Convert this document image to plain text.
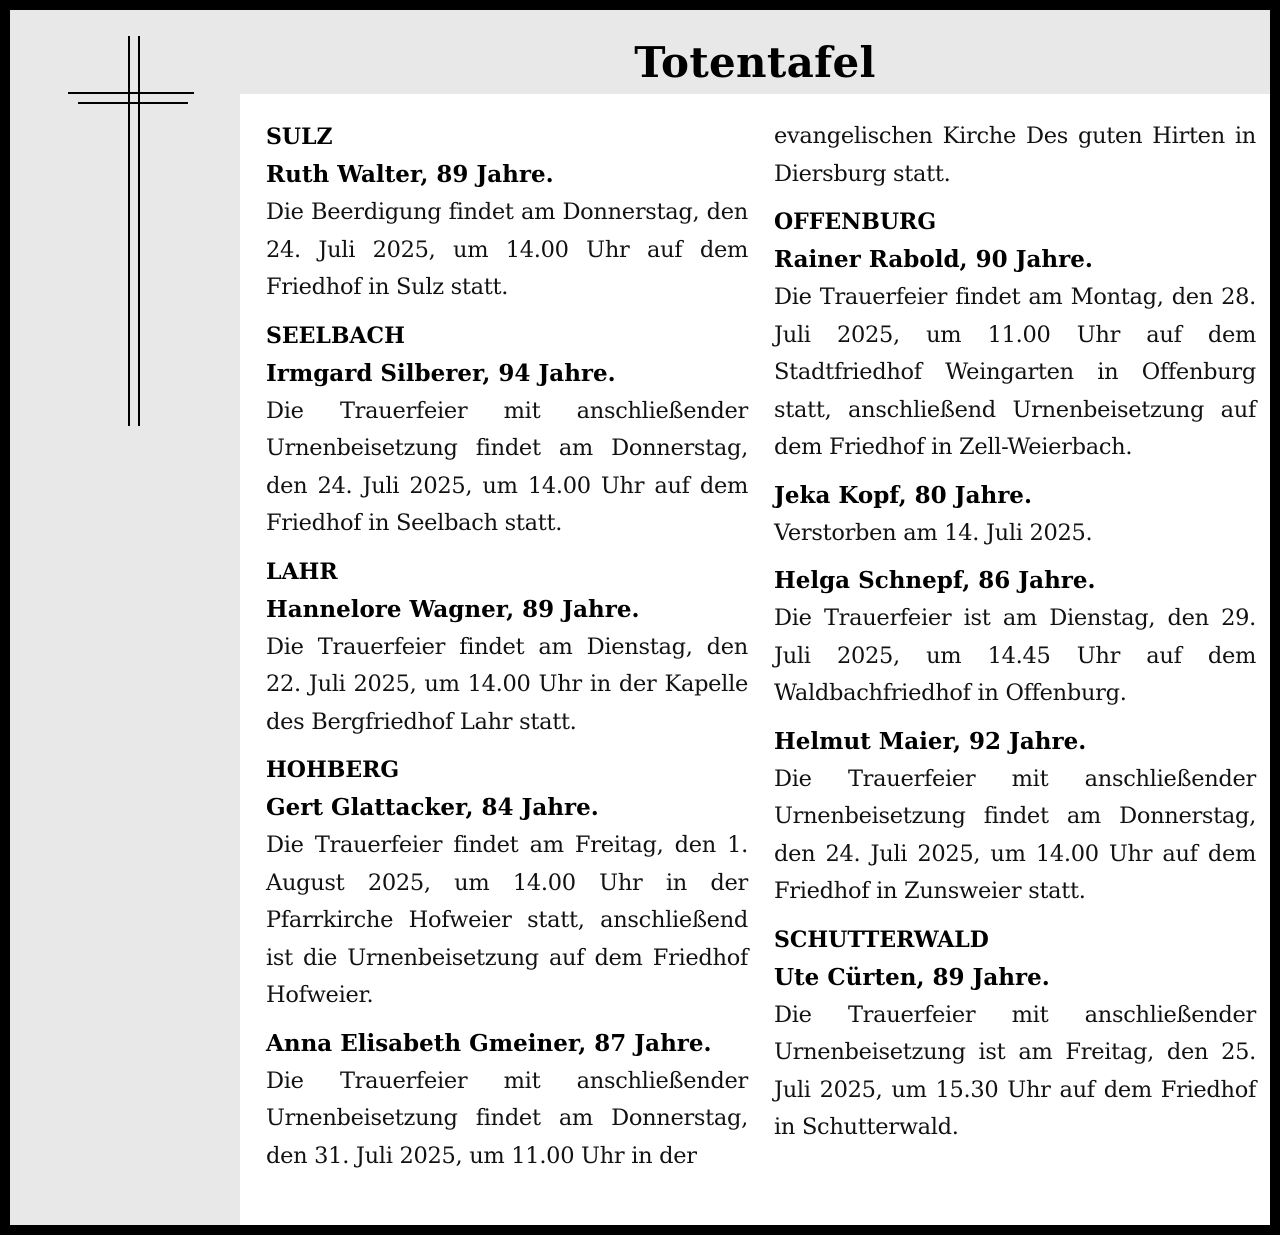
Totentafel

SULZ

Ruth Walter, 89 Jahre.

Die Beerdigung findet am Donnerstag, den 24. Juli 2025, um 14.00 Uhr auf dem Friedhof in Sulz statt.

SEELBACH

Irmgard Silberer, 94 Jahre.

Die Trauerfeier mit anschließender Urnenbeisetzung findet am Donnerstag, den 24. Juli 2025, um 14.00 Uhr auf dem Friedhof in Seelbach statt.

LAHR

Hannelore Wagner, 89 Jahre.

Die Trauerfeier findet am Dienstag, den 22. Juli 2025, um 14.00 Uhr in der Kapelle des Bergfriedhof Lahr statt.

HOHBERG

Gert Glattacker, 84 Jahre.

Die Trauerfeier findet am Freitag, den 1. August 2025, um 14.00 Uhr in der Pfarrkirche Hofweier statt, anschließend ist die Urnenbeisetzung auf dem Friedhof Hofweier.

Anna Elisabeth Gmeiner, 87 Jahre.

Die Trauerfeier mit anschließender Urnenbeisetzung findet am Donnerstag, den 31. Juli 2025, um 11.00 Uhr in der

evangelischen Kirche Des guten Hirten in Diersburg statt.

OFFENBURG

Rainer Rabold, 90 Jahre.

Die Trauerfeier findet am Montag, den 28. Juli 2025, um 11.00 Uhr auf dem Stadtfriedhof Weingarten in Offenburg statt, anschließend Urnenbeisetzung auf dem Friedhof in Zell-Weierbach.

Jeka Kopf, 80 Jahre.

Verstorben am 14. Juli 2025.

Helga Schnepf, 86 Jahre.

Die Trauerfeier ist am Dienstag, den 29. Juli 2025, um 14.45 Uhr auf dem Waldbachfriedhof in Offenburg.

Helmut Maier, 92 Jahre.

Die Trauerfeier mit anschließender Urnenbeisetzung findet am Donnerstag, den 24. Juli 2025, um 14.00 Uhr auf dem Friedhof in Zunsweier statt.

SCHUTTERWALD

Ute Cürten, 89 Jahre.

Die Trauerfeier mit anschließender Urnenbeisetzung ist am Freitag, den 25. Juli 2025, um 15.30 Uhr auf dem Friedhof in Schutterwald.
